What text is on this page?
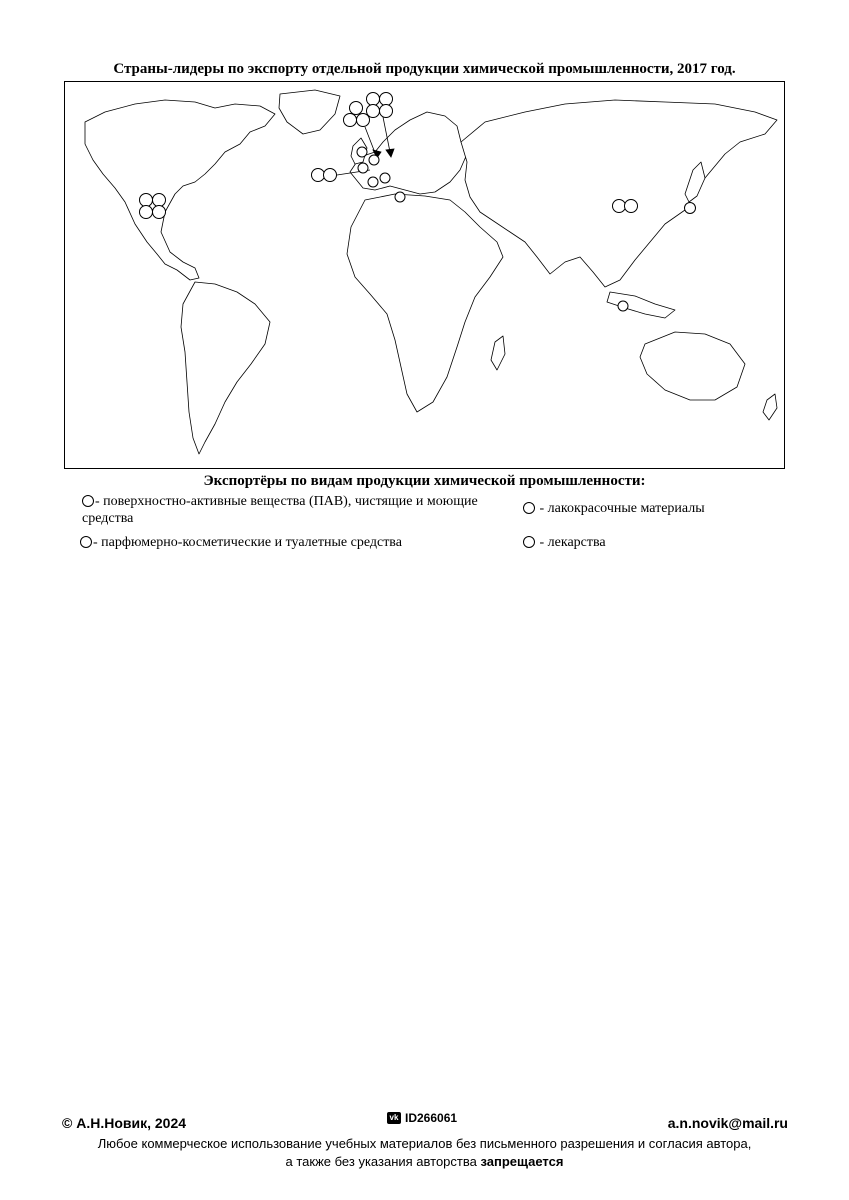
Страны-лидеры по экспорту отдельной продукции химической промышленности, 2017 год.
Экспортёры по видам продукции химической промышленности:
- поверхностно-активные вещества (ПАВ), чистящие и моющие средства
- парфюмерно-косметические и туалетные средства
- лакокрасочные материалы
- лекарства
© А.Н.Новик, 2024	vk ID266061	a.n.novik@mail.ru
Любое коммерческое использование учебных материалов без письменного разрешения и согласия автора,
а также без указания авторства запрещается
